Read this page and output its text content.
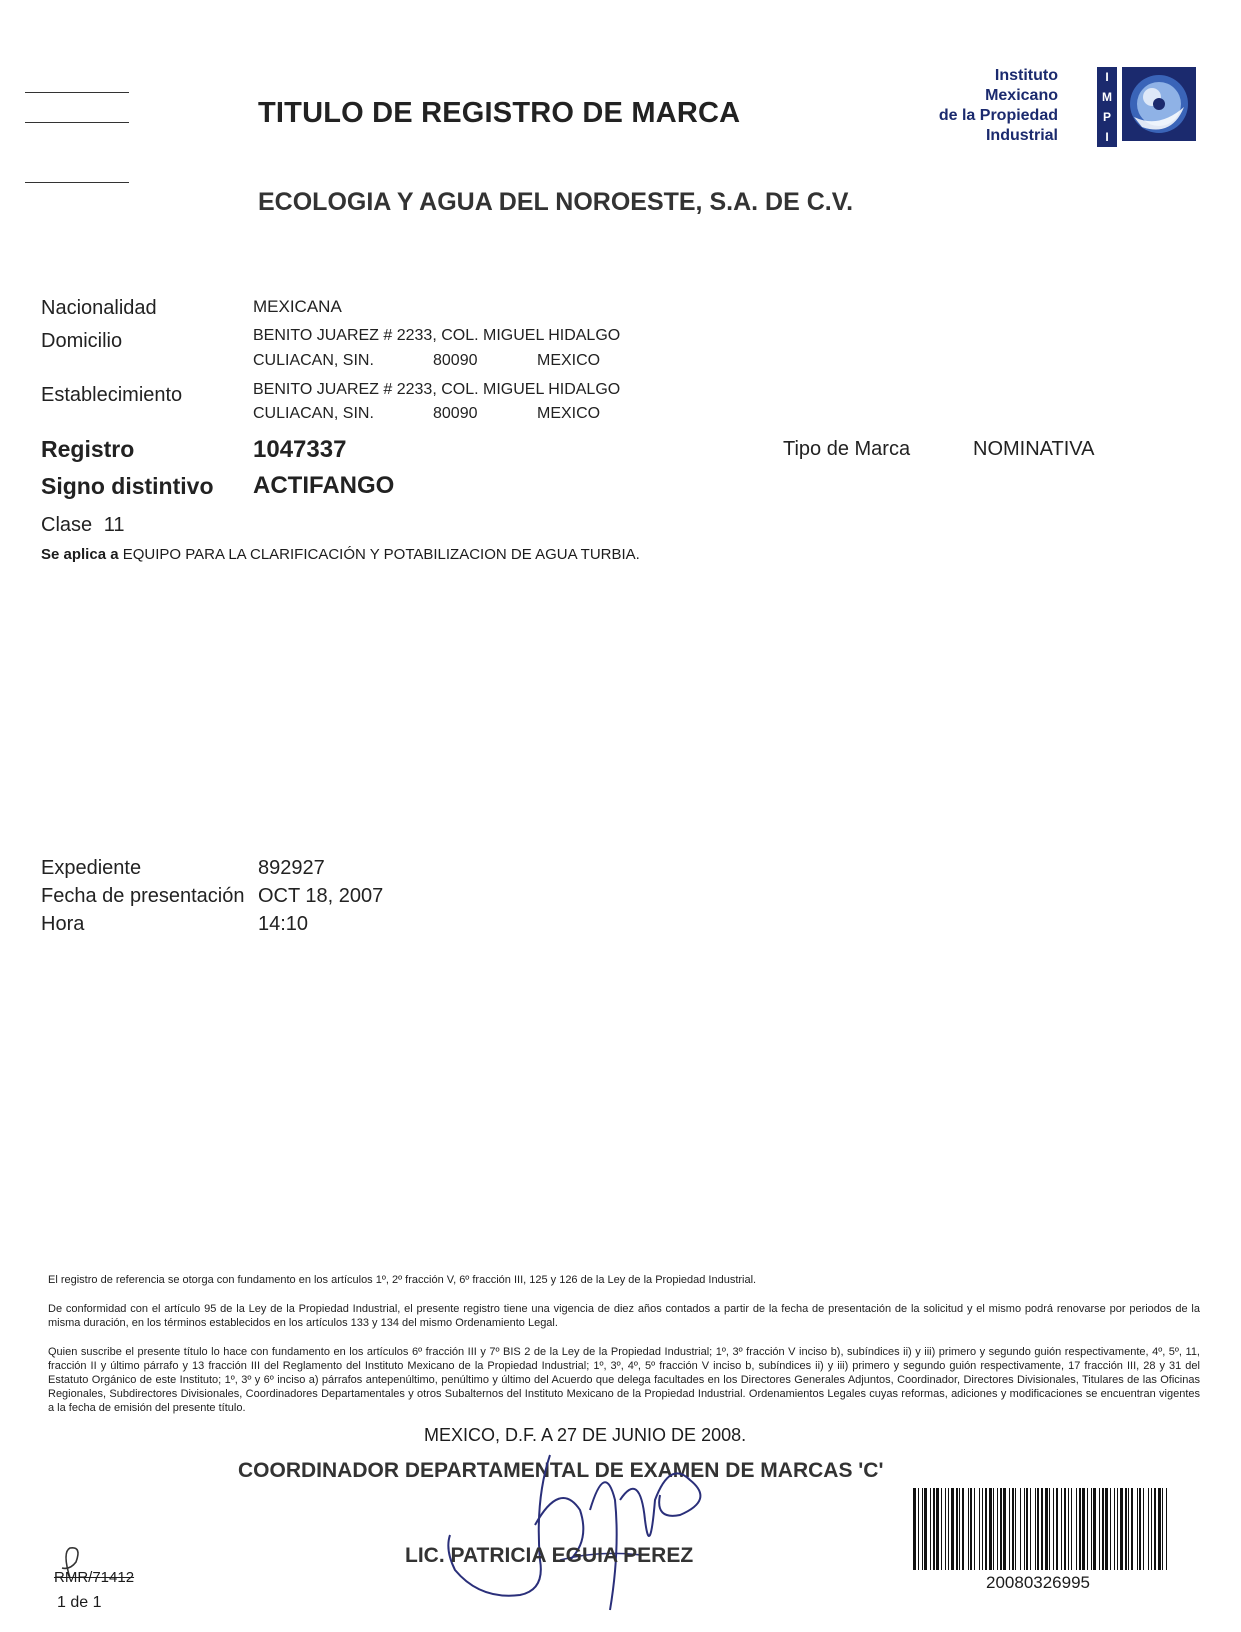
TITULO DE REGISTRO DE MARCA
ECOLOGIA Y AGUA DEL NOROESTE, S.A. DE C.V.
Instituto
Mexicano
de la Propiedad
Industrial
I
M
P
I
Nacionalidad	MEXICANA
Domicilio	BENITO JUAREZ # 2233, COL. MIGUEL HIDALGO
CULIACAN, SIN.	80090	MEXICO
Establecimiento	BENITO JUAREZ # 2233, COL. MIGUEL HIDALGO
CULIACAN, SIN.	80090	MEXICO
Registro	1047337	Tipo de Marca	NOMINATIVA
Signo distintivo ACTIFANGO
Clase 11
Se aplica a EQUIPO PARA LA CLARIFICACIÓN Y POTABILIZACION DE AGUA TURBIA.
Expediente	892927
Fecha de presentación OCT 18, 2007
Hora	14:10
El registro de referencia se otorga con fundamento en los artículos 1º, 2º fracción V, 6º fracción III, 125 y 126 de la Ley de la Propiedad Industrial.
De conformidad con el artículo 95 de la Ley de la Propiedad Industrial, el presente registro tiene una vigencia de diez años contados a partir de la fecha de presentación de la solicitud y el mismo podrá renovarse por periodos de la misma duración, en los términos establecidos en los artículos 133 y 134 del mismo Ordenamiento Legal.
Quien suscribe el presente título lo hace con fundamento en los artículos 6º fracción III y 7º BIS 2 de la Ley de la Propiedad Industrial; 1º, 3º fracción V inciso b), subíndices ii) y iii) primero y segundo guión respectivamente, 4º, 5º, 11, fracción II y último párrafo y 13 fracción III del Reglamento del Instituto Mexicano de la Propiedad Industrial; 1º, 3º, 4º, 5º fracción V inciso b, subíndices ii) y iii) primero y segundo guión respectivamente, 17 fracción III, 28 y 31 del Estatuto Orgánico de este Instituto; 1º, 3º y 6º inciso a) párrafos antepenúltimo, penúltimo y último del Acuerdo que delega facultades en los Directores Generales Adjuntos, Coordinador, Directores Divisionales, Titulares de las Oficinas Regionales, Subdirectores Divisionales, Coordinadores Departamentales y otros Subalternos del Instituto Mexicano de la Propiedad Industrial. Ordenamientos Legales cuyas reformas, adiciones y modificaciones se encuentran vigentes a la fecha de emisión del presente título.
MEXICO, D.F. A 27 DE JUNIO DE 2008.
COORDINADOR DEPARTAMENTAL DE EXAMEN DE MARCAS 'C'
LIC. PATRICIA EGUIA PEREZ
RMR/71412
1 de 1
20080326995
